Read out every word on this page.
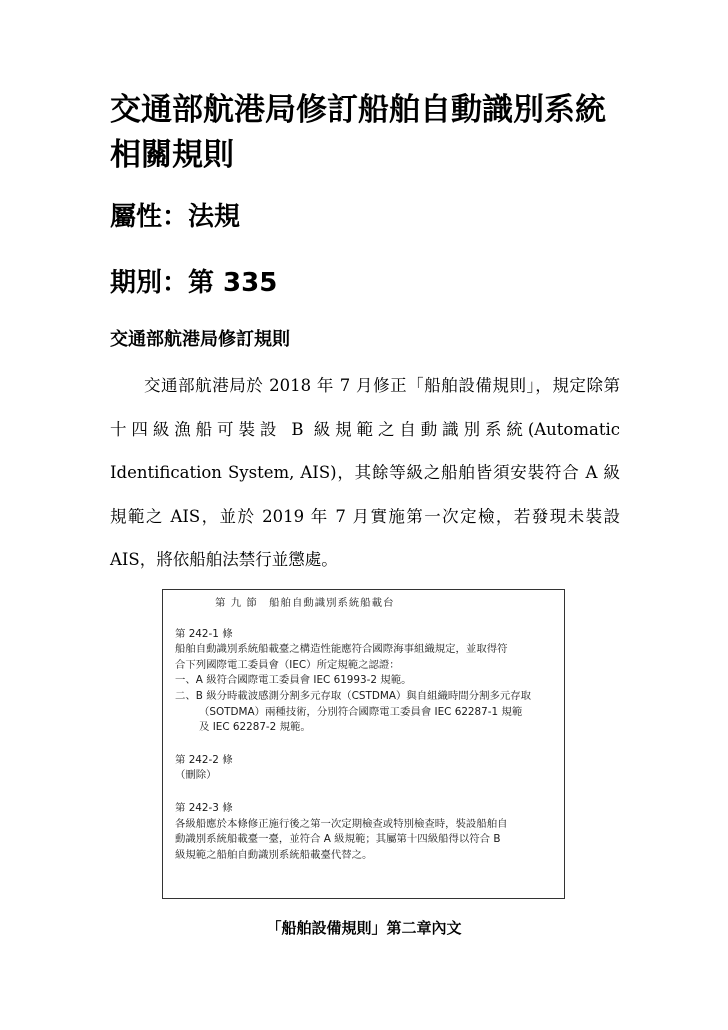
交通部航港局修訂船舶自動識別系統相關規則
屬性：法規
期別：第 335
交通部航港局修訂規則

交通部航港局於 2018 年 7 月修正「船舶設備規則」，規定除第十四級漁船可裝設 B 級規範之自動識別系統(Automatic Identification System, AIS)，其餘等級之船舶皆須安裝符合 A 級規範之 AIS，並於 2019 年 7 月實施第一次定檢，若發現未裝設 AIS，將依船舶法禁行並懲處。

第 九 節　船舶自動識別系統船載台
第 242-1 條
船舶自動識別系統船載臺之構造性能應符合國際海事組織規定，並取得符
合下列國際電工委員會（IEC）所定規範之認證：
一、A 級符合國際電工委員會 IEC 61993-2 規範。
二、B 級分時載波感測分割多元存取（CSTDMA）與自組織時間分割多元存取
（SOTDMA）兩種技術，分別符合國際電工委員會 IEC 62287-1 規範
及 IEC 62287-2 規範。
第 242-2 條
（刪除）
第 242-3 條
各級船應於本條修正施行後之第一次定期檢查或特別檢查時，裝設船舶自
動識別系統船載臺一臺，並符合 A 級規範；其屬第十四級船得以符合 B
級規範之船舶自動識別系統船載臺代替之。
「船舶設備規則」第二章內文
